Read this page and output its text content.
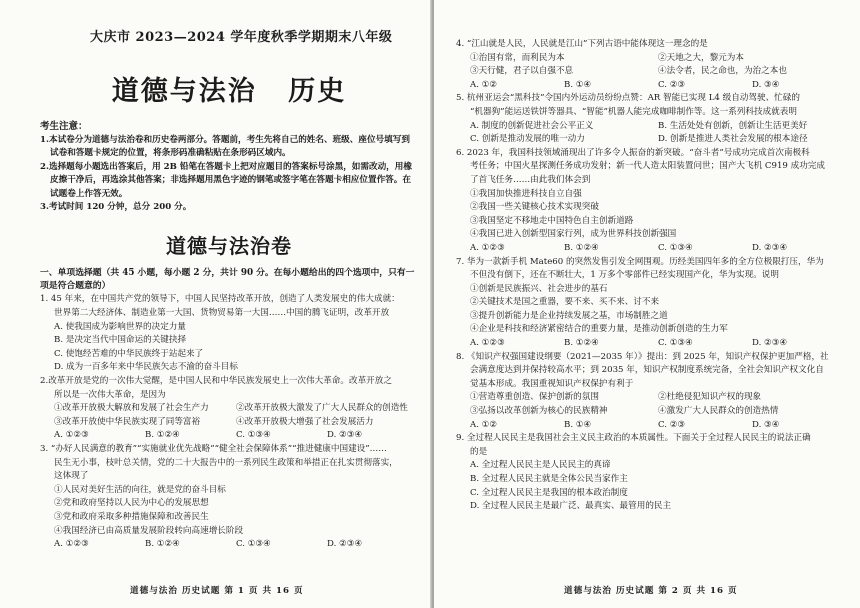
大庆市 2023—2024 学年度秋季学期期末八年级
道德与法治 历史
考生注意：
1.本试卷分为道德与法治卷和历史卷两部分。答题前，考生先将自己的姓名、班级、座位号填写到试卷和答题卡规定的位置，将条形码准确粘贴在条形码区域内。
2.选择题每小题选出答案后，用 2B 铅笔在答题卡上把对应题目的答案标号涂黑，如需改动，用橡皮擦干净后，再选涂其他答案；非选择题用黑色字迹的钢笔或签字笔在答题卡相应位置作答。在试题卷上作答无效。
3.考试时间 120 分钟，总分 200 分。
道德与法治卷
一、单项选择题（共 45 小题，每小题 2 分，共计 90 分。在每小题给出的四个选项中，只有一项是符合题意的）
1. 45 年来，在中国共产党的领导下，中国人民坚持改革开放，创造了人类发展史的伟大成就：
世界第二大经济体、制造业第一大国、货物贸易第一大国……中国的腾飞证明，改革开放
A. 使我国成为影响世界的决定力量
B. 是决定当代中国命运的关键抉择
C. 使饱经苦难的中华民族终于站起来了
D. 成为一百多年来中华民族矢志不渝的奋斗目标
2.改革开放是党的一次伟大觉醒，是中国人民和中华民族发展史上一次伟大革命。改革开放之
所以是一次伟大革命，是因为
①改革开放极大解放和发展了社会生产力	②改革开放极大激发了广大人民群众的创造性
③改革开放使中华民族实现了同等富裕	④改革开放极大增强了社会发展活力
A. ①②③	B. ①②④	C. ①③④	D. ②③④
3. “办好人民满意的教育”“实施就业优先战略”“健全社会保障体系”“推进健康中国建设”……
民生无小事，枝叶总关情，党的二十大报告中的一系列民生政策和举措正在扎实贯彻落实，
这体现了
①人民对美好生活的向往，就是党的奋斗目标
②党和政府坚持以人民为中心的发展思想
③党和政府采取多种措施保障和改善民生
④我国经济已由高质量发展阶段转向高速增长阶段
A. ①②③	B. ①②④	C. ①③④	D. ②③④
道德与法治 历史试题 第 1 页 共 16 页
4. “江山就是人民，人民就是江山”下列古语中能体现这一理念的是
①治国有常，而利民为本	②天地之大，黎元为本
③天行健，君子以自强不息	④法令者，民之命也，为治之本也
A. ①②	B. ①④	C. ②③	D. ③④
5. 杭州亚运会“黑科技”令国内外运动员纷纷点赞：AR 智能已实现 L4 级自动驾驶、忙碌的
“机器狗”能运送铁饼等器具、“智能”机器人能完成咖啡制作等。这一系列科技成就表明
A. 制度的创新促进社会公平正义	B. 生活处处有创新，创新让生活更美好
C. 创新是推动发展的唯一动力	D. 创新是推进人类社会发展的根本途径
6. 2023 年，我国科技领域涌现出了许多令人振奋的新突破。“奋斗者”号成功完成首次南极科
考任务；中国火星探测任务成功发射；新一代人造太阳装置问世；国产大飞机 C919 成功完成
了首飞任务……由此我们体会到
①我国加快推进科技自立自强
②我国一些关键核心技术实现突破
③我国坚定不移地走中国特色自主创新道路
④我国已进入创新型国家行列，成为世界科技创新强国
A. ①②③	B. ①②④	C. ①③④	D. ②③④
7. 华为一款新手机 Mate60 的突然发售引发全网围观。历经美国四年多的全方位极限打压，华为
不但没有倒下，还在不断壮大，1 万多个零部件已经实现国产化，华为实现。说明
①创新是民族振兴、社会进步的基石
②关键技术是国之重器，要不来、买不来、讨不来
③提升创新能力是企业持续发展之基，市场制胜之道
④企业是科技和经济紧密结合的重要力量，是推动创新创造的生力军
A. ①②③	B. ①②④	C. ①③④	D. ②③④
8. 《知识产权强国建设纲要（2021—2035 年）》提出：到 2025 年，知识产权保护更加严格，社
会满意度达到并保持较高水平；到 2035 年，知识产权制度系统完备，全社会知识产权文化自
觉基本形成。我国重视知识产权保护有利于
①营造尊重创造、保护创新的氛围	②杜绝侵犯知识产权的现象
③弘扬以改革创新为核心的民族精神	④激发广大人民群众的创造热情
A. ①②	B. ①④	C. ②③	D. ③④
9. 全过程人民民主是我国社会主义民主政治的本质属性。下面关于全过程人民民主的说法正确
的是
A. 全过程人民民主是人民民主的真谛
B. 全过程人民民主就是全体公民当家作主
C. 全过程人民民主是我国的根本政治制度
D. 全过程人民民主是最广泛、最真实、最管用的民主
道德与法治 历史试题 第 2 页 共 16 页
